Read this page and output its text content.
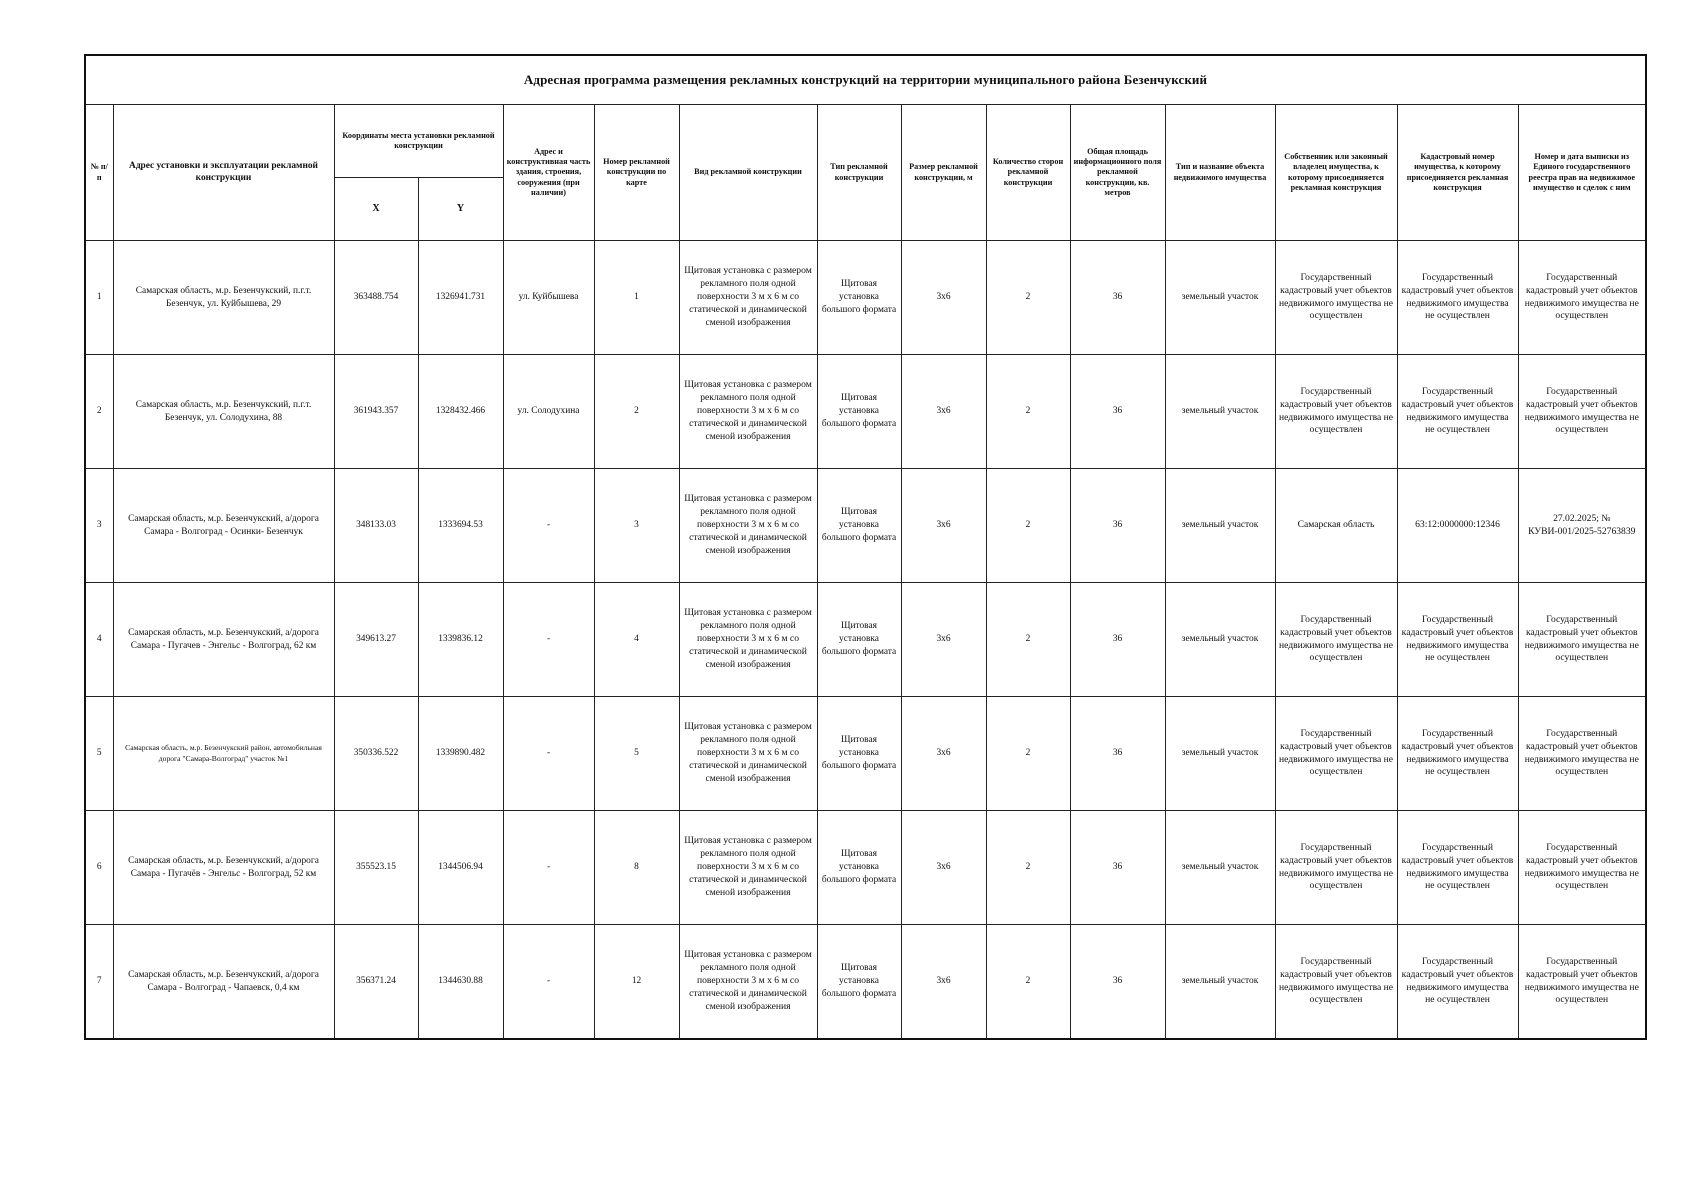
Адресная программа размещения рекламных конструкций на территории муниципального района Безенчукский														
№ п/п	Адрес установки и эксплуатации рекламной конструкции	Координаты места установки рекламной конструкции		Адрес и конструктивная часть здания, строения, сооружения (при наличии)	Номер рекламной конструкции по карте	Вид рекламной конструкции	Тип рекламной конструкции	Размер рекламной конструкции, м	Количество сторон рекламной конструкции	Общая площадь информационного поля рекламной конструкции, кв. метров	Тип и название объекта недвижимого имущества	Собственник или законный владелец имущества, к которому присоединяется рекламная конструкция	Кадастровый номер имущества, к которому присоединяется рекламная конструкция	Номер и дата выписки из Единого государственного реестра прав на недвижимое имущество и сделок с ним
		X	Y											
1	Самарская область, м.р. Безенчукский, п.г.т. Безенчук, ул. Куйбышева, 29	363488.754	1326941.731	ул. Куйбышева	1	Щитовая установка с размером рекламного поля одной поверхности 3 м х 6 м со статической и динамической сменой изображения	Щитовая установка большого формата	3х6	2	36	земельный участок	Государственный кадастровый учет объектов недвижимого имущества не осуществлен	Государственный кадастровый учет объектов недвижимого имущества не осуществлен	Государственный кадастровый учет объектов недвижимого имущества не осуществлен
2	Самарская область, м.р. Безенчукский, п.г.т. Безенчук, ул. Солодухина, 88	361943.357	1328432.466	ул. Солодухина	2	Щитовая установка с размером рекламного поля одной поверхности 3 м х 6 м со статической и динамической сменой изображения	Щитовая установка большого формата	3х6	2	36	земельный участок	Государственный кадастровый учет объектов недвижимого имущества не осуществлен	Государственный кадастровый учет объектов недвижимого имущества не осуществлен	Государственный кадастровый учет объектов недвижимого имущества не осуществлен
3	Самарская область, м.р. Безенчукский, а/дорога Самара - Волгоград - Осинки- Безенчук	348133.03	1333694.53	-	3	Щитовая установка с размером рекламного поля одной поверхности 3 м х 6 м со статической и динамической сменой изображения	Щитовая установка большого формата	3х6	2	36	земельный участок	Самарская область	63:12:0000000:12346	27.02.2025; № КУВИ-001/2025-52763839
4	Самарская область, м.р. Безенчукский, а/дорога Самара - Пугачев - Энгельс - Волгоград, 62 км	349613.27	1339836.12	-	4	Щитовая установка с размером рекламного поля одной поверхности 3 м х 6 м со статической и динамической сменой изображения	Щитовая установка большого формата	3х6	2	36	земельный участок	Государственный кадастровый учет объектов недвижимого имущества не осуществлен	Государственный кадастровый учет объектов недвижимого имущества не осуществлен	Государственный кадастровый учет объектов недвижимого имущества не осуществлен
5	Самарская область, м.р. Безенчукский район, автомобильная дорога "Самара-Волгоград" участок №1	350336.522	1339890.482	-	5	Щитовая установка с размером рекламного поля одной поверхности 3 м х 6 м со статической и динамической сменой изображения	Щитовая установка большого формата	3х6	2	36	земельный участок	Государственный кадастровый учет объектов недвижимого имущества не осуществлен	Государственный кадастровый учет объектов недвижимого имущества не осуществлен	Государственный кадастровый учет объектов недвижимого имущества не осуществлен
6	Самарская область, м.р. Безенчукский, а/дорога Самара - Пугачёв - Энгельс - Волгоград, 52 км	355523.15	1344506.94	-	8	Щитовая установка с размером рекламного поля одной поверхности 3 м х 6 м со статической и динамической сменой изображения	Щитовая установка большого формата	3х6	2	36	земельный участок	Государственный кадастровый учет объектов недвижимого имущества не осуществлен	Государственный кадастровый учет объектов недвижимого имущества не осуществлен	Государственный кадастровый учет объектов недвижимого имущества не осуществлен
7	Самарская область, м.р. Безенчукский, а/дорога Самара - Волгоград - Чапаевск, 0,4 км	356371.24	1344630.88	-	12	Щитовая установка с размером рекламного поля одной поверхности 3 м х 6 м со статической и динамической сменой изображения	Щитовая установка большого формата	3х6	2	36	земельный участок	Государственный кадастровый учет объектов недвижимого имущества не осуществлен	Государственный кадастровый учет объектов недвижимого имущества не осуществлен	Государственный кадастровый учет объектов недвижимого имущества не осуществлен
